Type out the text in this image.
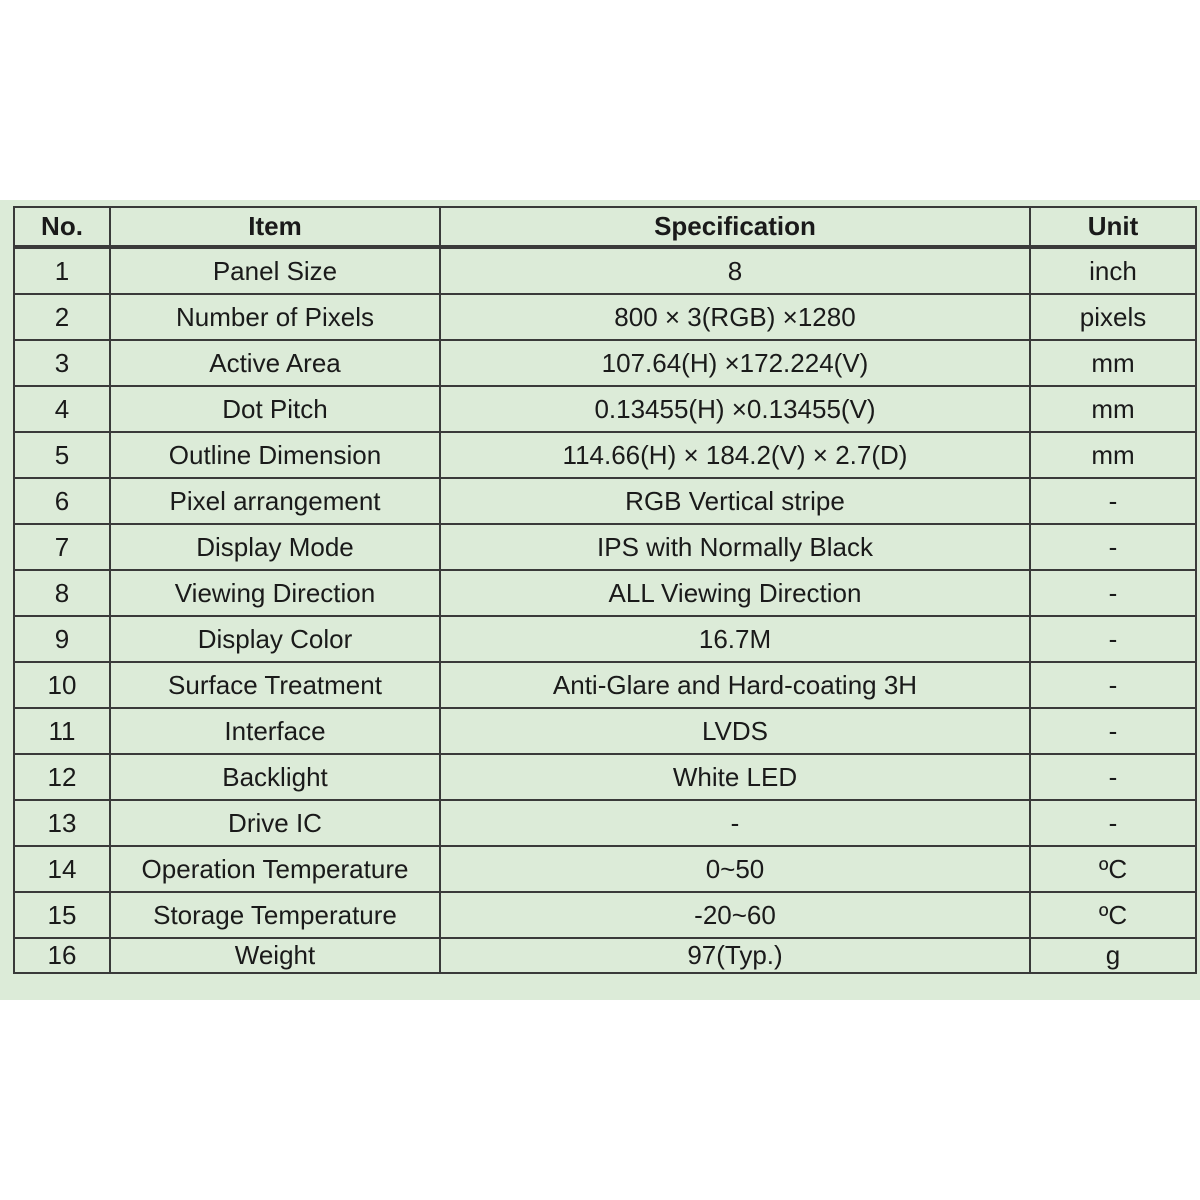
No.	Item	Specification	Unit
1	Panel Size	8	inch
2	Number of Pixels	800 × 3(RGB) ×1280	pixels
3	Active Area	107.64(H) ×172.224(V)	mm
4	Dot Pitch	0.13455(H) ×0.13455(V)	mm
5	Outline Dimension	114.66(H) × 184.2(V) × 2.7(D)	mm
6	Pixel arrangement	RGB Vertical stripe	-
7	Display Mode	IPS with Normally Black	-
8	Viewing Direction	ALL Viewing Direction	-
9	Display Color	16.7M	-
10	Surface Treatment	Anti-Glare and Hard-coating 3H	-
11	Interface	LVDS	-
12	Backlight	White LED	-
13	Drive IC	-	-
14	Operation Temperature	0~50	ºC
15	Storage Temperature	-20~60	ºC
16	Weight	97(Typ.)	g
